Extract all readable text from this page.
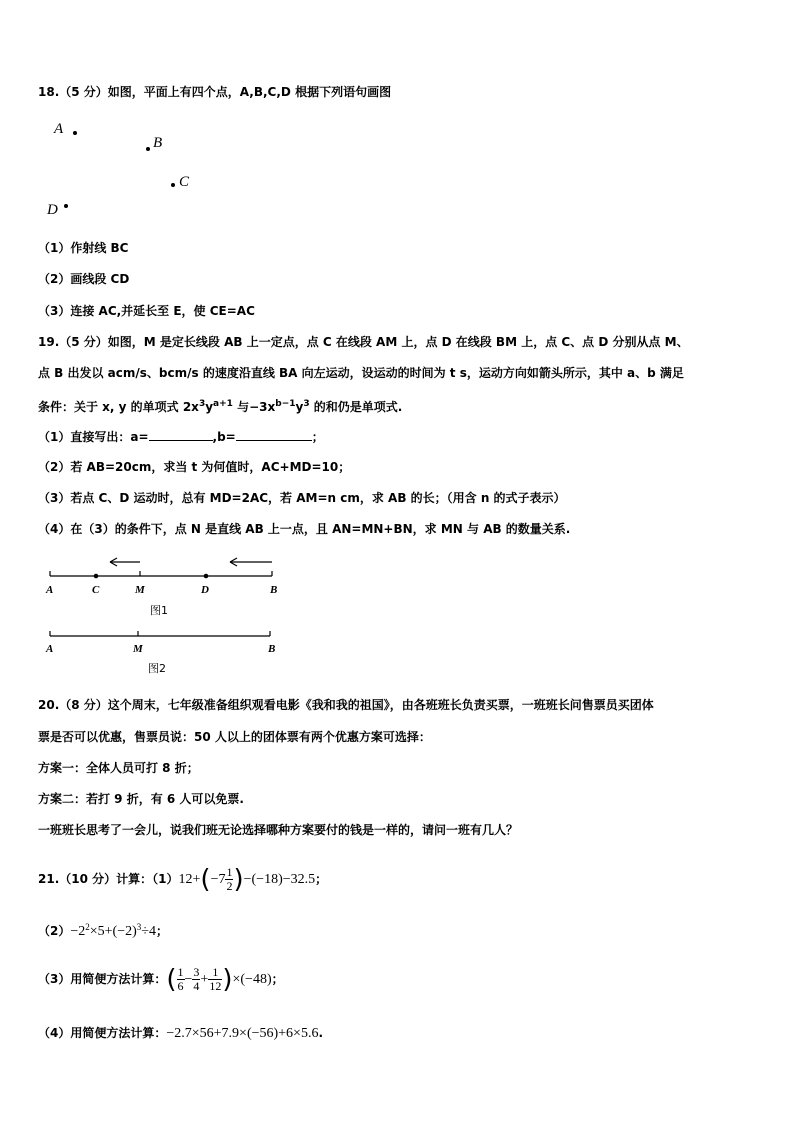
18.（5 分）如图，平面上有四个点，A,B,C,D 根据下列语句画图
A
B
C
D
（1）作射线 BC
（2）画线段 CD
（3）连接 AC,并延长至 E，使 CE=AC
19.（5 分）如图，M 是定长线段 AB 上一定点，点 C 在线段 AM 上，点 D 在线段 BM 上，点 C、点 D 分别从点 M、
点 B 出发以 acm/s、bcm/s 的速度沿直线 BA 向左运动，设运动的时间为 t s，运动方向如箭头所示，其中 a、b 满足
条件：关于 x, y 的单项式 $2x^3y^{a+1}$ 与$-3x^{b-1}y^3$ 的和仍是单项式.
（1）直接写出：a=	,b=	；
（2）若 AB=20cm，求当 t 为何值时，AC+MD=10；
（3）若点 C、D 运动时，总有 MD=2AC，若 AM=n cm，求 AB 的长；（用含 n 的式子表示）
（4）在（3）的条件下，点 N 是直线 AB 上一点，且 AN=MN+BN，求 MN 与 AB 的数量关系.
A	C	M	D	B
图1
A	M	B
图2
20.（8 分）这个周末，七年级准备组织观看电影《我和我的祖国》，由各班班长负责买票，一班班长问售票员买团体
票是否可以优惠，售票员说：50 人以上的团体票有两个优惠方案可选择：
方案一：全体人员可打 8 折；
方案二：若打 9 折，有 6 人可以免票.
一班班长思考了一会儿，说我们班无论选择哪种方案要付的钱是一样的，请问一班有几人？
21.（10 分）计算：$(1)12+(-7 \frac{1}{2} )-(-18)-32.5$；
$(2)-2^2\times 5+(-2)^3\div 4$；
（3）用简便方法计算：( $\frac{1}{6} - \frac{3}{4} + \frac{1}{12} )\times(-48)$；
（4）用简便方法计算：−2.7×56+7.9×(−56)+6×5.6.
